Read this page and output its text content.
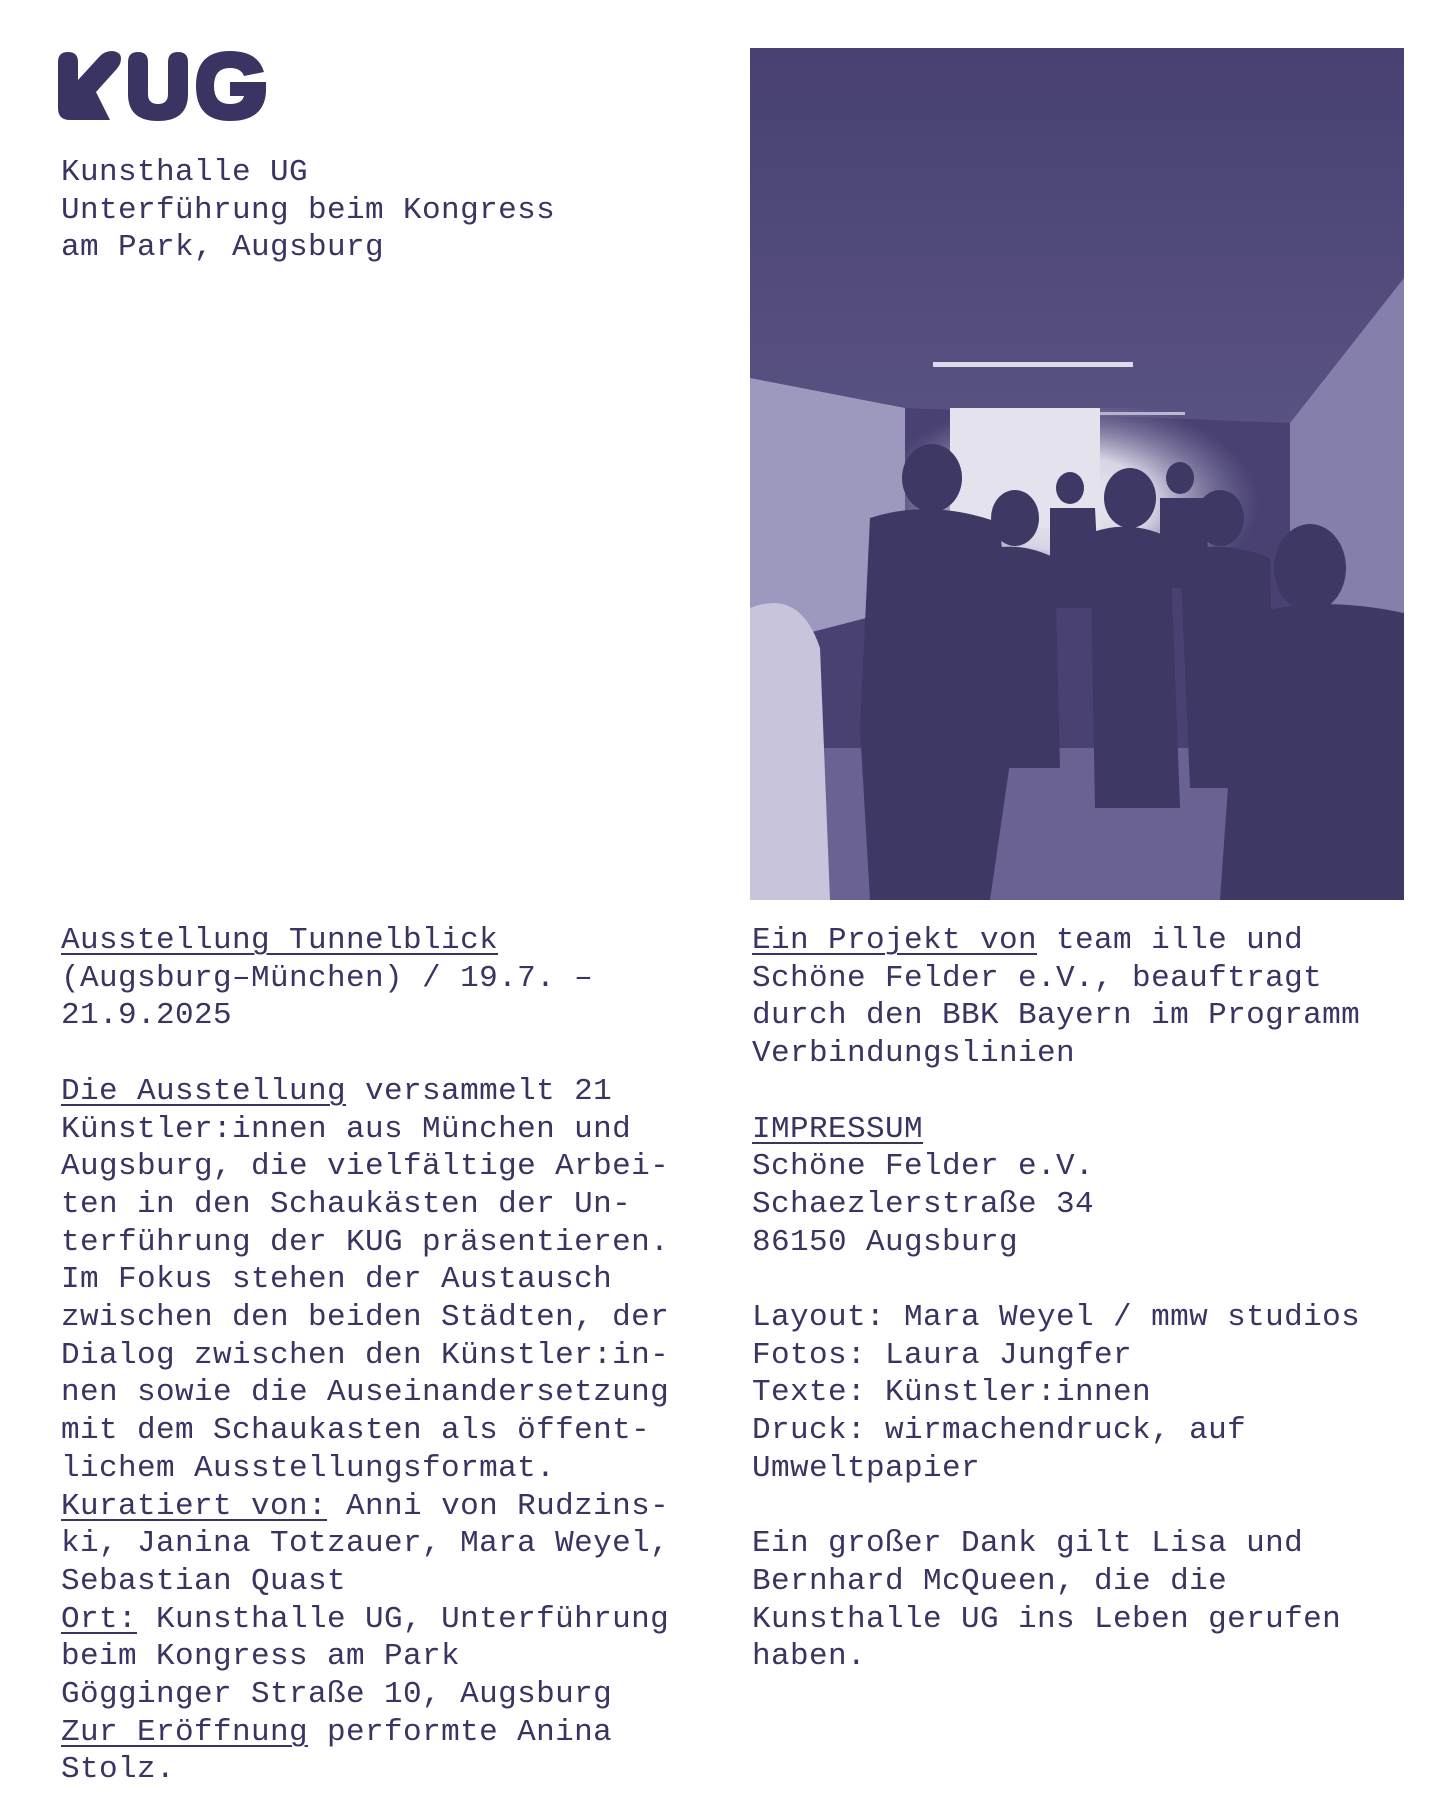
Kunsthalle UG
Unterführung beim Kongress
am Park, Augsburg
Ausstellung Tunnelblick
(Augsburg–München) / 19.7. –
21.9.2025
Die Ausstellung versammelt 21
Künstler:innen aus München und
Augsburg, die vielfältige Arbei-
ten in den Schaukästen der Un-
terführung der KUG präsentieren.
Im Fokus stehen der Austausch
zwischen den beiden Städten, der
Dialog zwischen den Künstler:in-
nen sowie die Auseinandersetzung
mit dem Schaukasten als öffent-
lichem Ausstellungsformat.
Kuratiert von: Anni von Rudzins-
ki, Janina Totzauer, Mara Weyel,
Sebastian Quast
Ort: Kunsthalle UG, Unterführung
beim Kongress am Park
Gögginger Straße 10, Augsburg
Zur Eröffnung performte Anina
Stolz.
Ein Projekt von team ille und
Schöne Felder e.V., beauftragt
durch den BBK Bayern im Programm
Verbindungslinien
IMPRESSUM
Schöne Felder e.V.
Schaezlerstraße 34
86150 Augsburg
Layout: Mara Weyel / mmw studios
Fotos: Laura Jungfer
Texte: Künstler:innen
Druck: wirmachendruck, auf
Umweltpapier
Ein großer Dank gilt Lisa und
Bernhard McQueen, die die
Kunsthalle UG ins Leben gerufen
haben.
